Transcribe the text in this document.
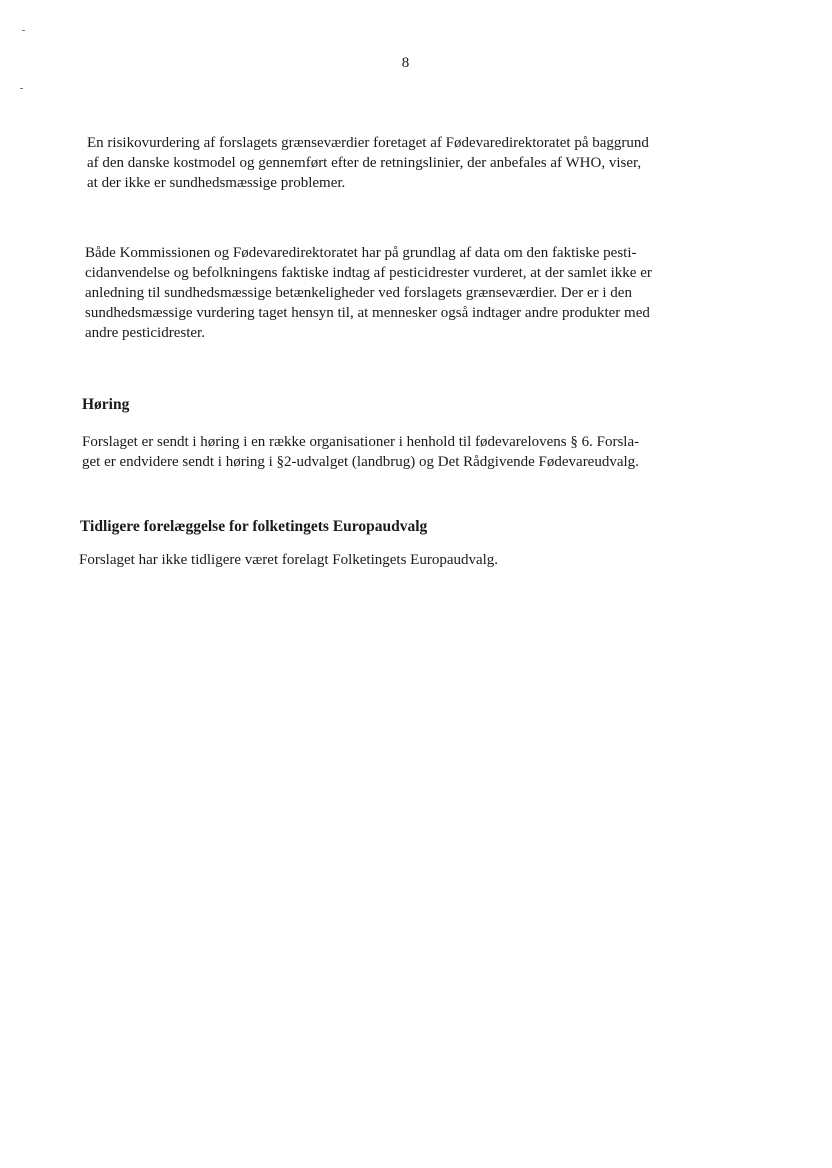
8
En risikovurdering af forslagets grænseværdier foretaget af Fødevaredirektoratet på baggrund
af den danske kostmodel og gennemført efter de retningslinier, der anbefales af WHO, viser,
at der ikke er sundhedsmæssige problemer.
Både Kommissionen og Fødevaredirektoratet har på grundlag af data om den faktiske pesti-
cidanvendelse og befolkningens faktiske indtag af pesticidrester vurderet, at der samlet ikke er
anledning til sundhedsmæssige betænkeligheder ved forslagets grænseværdier. Der er i den
sundhedsmæssige vurdering taget hensyn til, at mennesker også indtager andre produkter med
andre pesticidrester.
Høring
Forslaget er sendt i høring i en række organisationer i henhold til fødevarelovens § 6. Forsla-
get er endvidere sendt i høring i §2-udvalget (landbrug) og Det Rådgivende Fødevareudvalg.
Tidligere forelæggelse for folketingets Europaudvalg
Forslaget har ikke tidligere været forelagt Folketingets Europaudvalg.
